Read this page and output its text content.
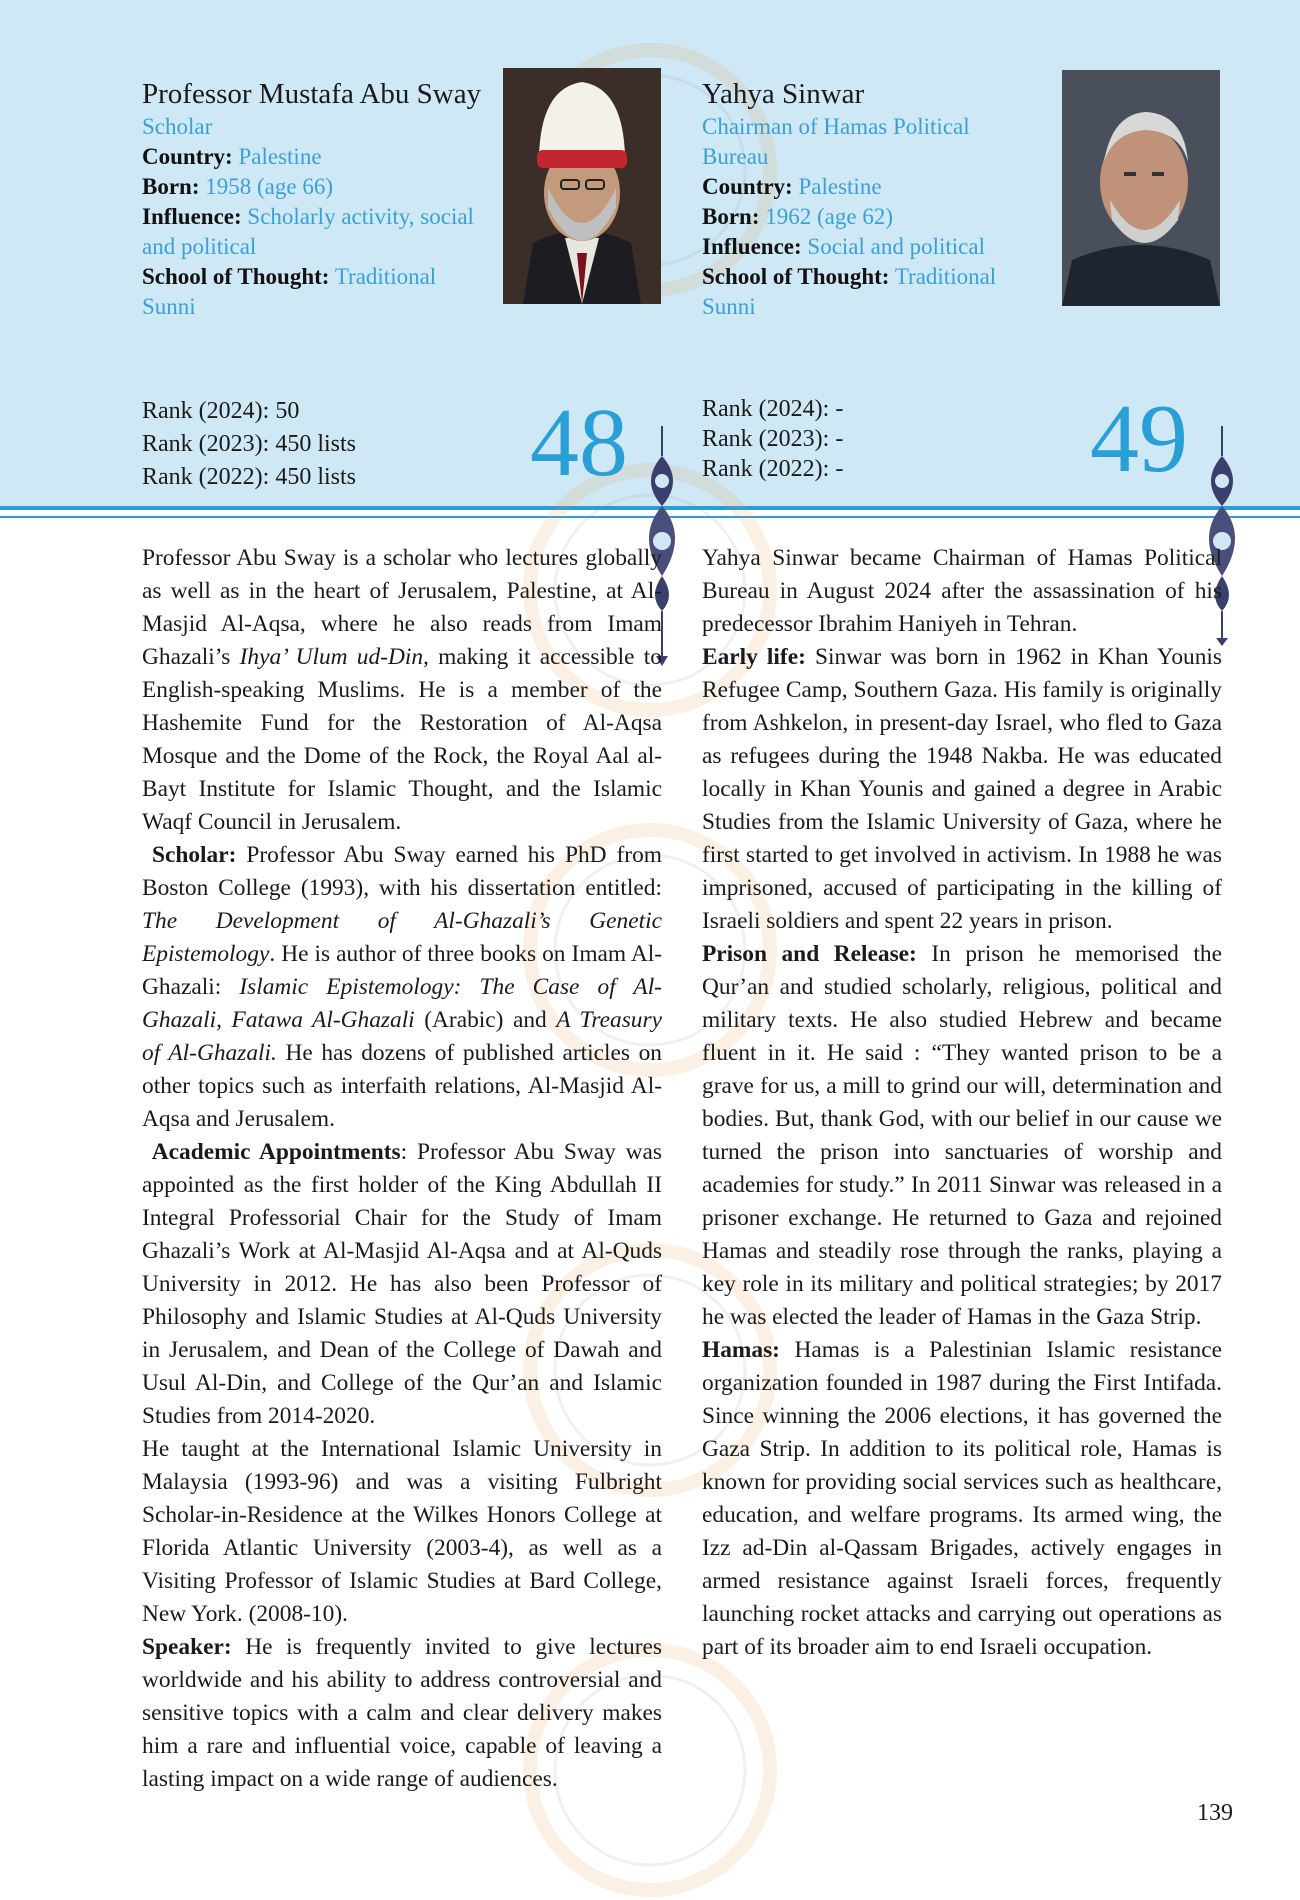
Professor Mustafa Abu Sway
Scholar
Country: Palestine
Born: 1958 (age 66)
Influence: Scholarly activity, social and political
School of Thought: Traditional Sunni
Yahya Sinwar
Chairman of Hamas Political Bureau
Country: Palestine
Born: 1962 (age 62)
Influence: Social and political
School of Thought: Traditional Sunni
Rank (2024): 50
Rank (2023): 450 lists
Rank (2022): 450 lists 48	Rank (2024): -
Rank (2023): -
Rank (2022): -	49

Professor Abu Sway is a scholar who lectures globally as well as in the heart of Jerusalem, Palestine, at Al-Masjid Al-Aqsa, where he also reads from Imam Ghazali’s Ihya’ Ulum ud-Din, making it accessible to English-speaking Muslims. He is a member of the Hashemite Fund for the Restoration of Al-Aqsa Mosque and the Dome of the Rock, the Royal Aal al-Bayt Institute for Islamic Thought, and the Islamic Waqf Council in Jerusalem.

Scholar: Professor Abu Sway earned his PhD from Boston College (1993), with his dissertation entitled: The Development of Al-Ghazali’s Genetic Epistemology. He is author of three books on Imam Al-Ghazali: Islamic Epistemology: The Case of Al-Ghazali, Fatawa Al-Ghazali (Arabic) and A Treasury of Al-Ghazali. He has dozens of published articles on other topics such as interfaith relations, Al-Masjid Al-Aqsa and Jerusalem.

Academic Appointments: Professor Abu Sway was appointed as the first holder of the King Abdullah II Integral Professorial Chair for the Study of Imam Ghazali’s Work at Al-Masjid Al-Aqsa and at Al-Quds University in 2012. He has also been Professor of Philosophy and Islamic Studies at Al-Quds University in Jerusalem, and Dean of the College of Dawah and Usul Al-Din, and College of the Qur’an and Islamic Studies from 2014-2020.

He taught at the International Islamic University in Malaysia (1993-96) and was a visiting Fulbright Scholar-in-Residence at the Wilkes Honors College at Florida Atlantic University (2003-4), as well as a Visiting Professor of Islamic Studies at Bard College, New York. (2008-10).

Speaker: He is frequently invited to give lectures worldwide and his ability to address controversial and sensitive topics with a calm and clear delivery makes him a rare and influential voice, capable of leaving a lasting impact on a wide range of audiences.

Yahya Sinwar became Chairman of Hamas Political Bureau in August 2024 after the assassination of his predecessor Ibrahim Haniyeh in Tehran.

Early life: Sinwar was born in 1962 in Khan Younis Refugee Camp, Southern Gaza. His family is originally from Ashkelon, in present-day Israel, who fled to Gaza as refugees during the 1948 Nakba. He was educated locally in Khan Younis and gained a degree in Arabic Studies from the Islamic University of Gaza, where he first started to get involved in activism. In 1988 he was imprisoned, accused of participating in the killing of Israeli soldiers and spent 22 years in prison.

Prison and Release: In prison he memorised the Qur’an and studied scholarly, religious, political and military texts. He also studied Hebrew and became fluent in it. He said : “They wanted prison to be a grave for us, a mill to grind our will, determination and bodies. But, thank God, with our belief in our cause we turned the prison into sanctuaries of worship and academies for study.” In 2011 Sinwar was released in a prisoner exchange. He returned to Gaza and rejoined Hamas and steadily rose through the ranks, playing a key role in its military and political strategies; by 2017 he was elected the leader of Hamas in the Gaza Strip.

Hamas: Hamas is a Palestinian Islamic resistance organization founded in 1987 during the First Intifada. Since winning the 2006 elections, it has governed the Gaza Strip. In addition to its political role, Hamas is known for providing social services such as healthcare, education, and welfare programs. Its armed wing, the Izz ad-Din al-Qassam Brigades, actively engages in armed resistance against Israeli forces, frequently launching rocket attacks and carrying out operations as part of its broader aim to end Israeli occupation.

139
